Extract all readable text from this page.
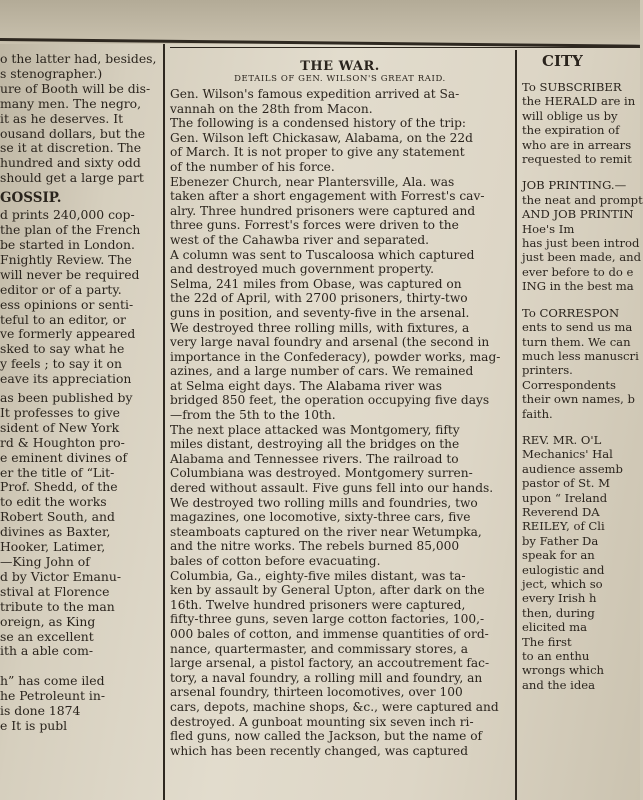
o the latter had, besides,

s stenographer.)

ure of Booth will be dis-

many men. The negro,

it as he deserves. It

ousand dollars, but the

se it at discretion. The

hundred and sixty odd

should get a large part

GOSSIP.

d prints 240,000 cop-

the plan of the French

be started in London.

Fnightly Review. The

will never be required

editor or of a party.

ess opinions or senti-

teful to an editor, or

ve formerly appeared

sked to say what he

y feels ; to say it on

eave its appreciation

as been published by

It professes to give

sident of New York

rd & Houghton pro-

e eminent divines of

er the title of “Lit-

Prof. Shedd, of the

to edit the works

Robert South, and

divines as Baxter,

Hooker, Latimer,

—King John of

d by Victor Emanu-

stival at Florence

tribute to the man

oreign, as King

se an excellent

ith a able com-

h” has come iled

he Petroleunt in-

is done 1874

e It is publ

THE WAR.
DETAILS OF GEN. WILSON'S GREAT RAID.

Gen. Wilson's famous expedition arrived at Sa-

vannah on the 28th from Macon.

The following is a condensed history of the trip:

Gen. Wilson left Chickasaw, Alabama, on the 22d

of March. It is not proper to give any statement

of the number of his force.

Ebenezer Church, near Plantersville, Ala. was

taken after a short engagement with Forrest's cav-

alry. Three hundred prisoners were captured and

three guns. Forrest's forces were driven to the

west of the Cahawba river and separated.

A column was sent to Tuscaloosa which captured

and destroyed much government property.

Selma, 241 miles from Obase, was captured on

the 22d of April, with 2700 prisoners, thirty-two

guns in position, and seventy-five in the arsenal.

We destroyed three rolling mills, with fixtures, a

very large naval foundry and arsenal (the second in

importance in the Confederacy), powder works, mag-

azines, and a large number of cars. We remained

at Selma eight days. The Alabama river was

bridged 850 feet, the operation occupying five days

—from the 5th to the 10th.

The next place attacked was Montgomery, fifty

miles distant, destroying all the bridges on the

Alabama and Tennessee rivers. The railroad to

Columbiana was destroyed. Montgomery surren-

dered without assault. Five guns fell into our hands.

We destroyed two rolling mills and foundries, two

magazines, one locomotive, sixty-three cars, five

steamboats captured on the river near Wetumpka,

and the nitre works. The rebels burned 85,000

bales of cotton before evacuating.

Columbia, Ga., eighty-five miles distant, was ta-

ken by assault by General Upton, after dark on the

16th. Twelve hundred prisoners were captured,

fifty-three guns, seven large cotton factories, 100,-

000 bales of cotton, and immense quantities of ord-

nance, quartermaster, and commissary stores, a

large arsenal, a pistol factory, an accoutrement fac-

tory, a naval foundry, a rolling mill and foundry, an

arsenal foundry, thirteen locomotives, over 100

cars, depots, machine shops, &c., were captured and

destroyed. A gunboat mounting six seven inch ri-

fled guns, now called the Jackson, but the name of

which has been recently changed, was captured

CITY

To SUBSCRIBER

the HERALD are in

will oblige us by

the expiration of

who are in arrears

requested to remit

JOB PRINTING.—

the neat and prompt

AND JOB PRINTIN

Hoe's Im

has just been introd

just been made, and

ever before to do e

ING in the best ma

To CORRESPON

ents to send us ma

turn them. We can

much less manuscri

printers.

Correspondents

their own names, b

faith.

REV. MR. O'L

Mechanics' Hal

audience assemb

pastor of St. M

upon “ Ireland

Reverend DA

REILEY, of Cli

by Father Da

speak for an

eulogistic and

ject, which so

every Irish h

then, during

elicited ma

The first

to an enthu

wrongs which

and the idea
